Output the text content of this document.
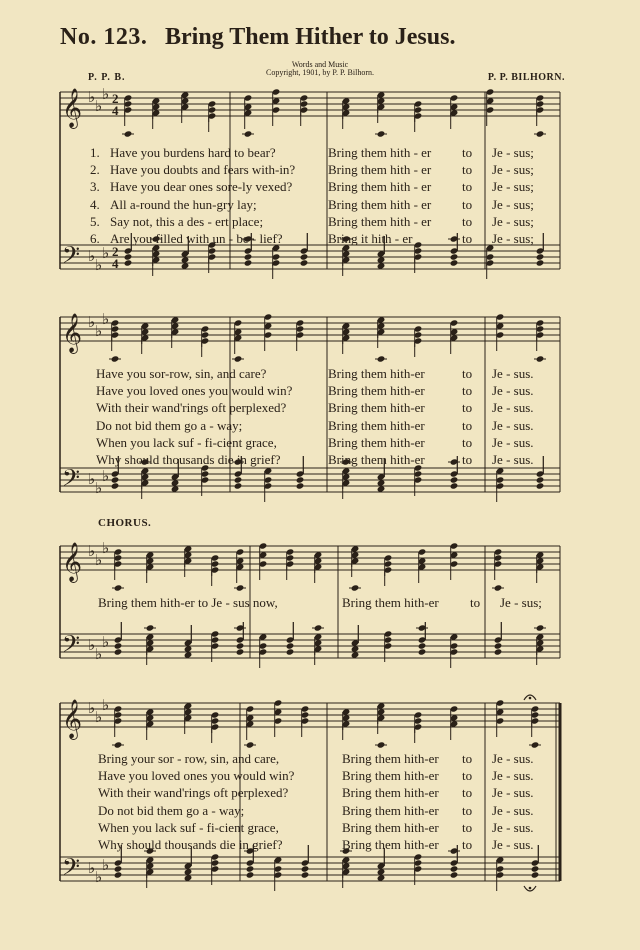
No. 123. Bring Them Hither to Jesus.
Words and Music
Copyright, 1901, by P. P. Bilhorn.
P. P. B.	P. P. BILHORN.
CHORUS.
𝄞
𝄢
♭ ♭
♭
♭ ♭
♭
2
4
2
4
𝄞
𝄢
♭ ♭
♭
♭ ♭
♭
𝄞
𝄢
♭ ♭
♭
♭ ♭
♭
𝄞
𝄢
♭ ♭
♭
♭ ♭
♭
1. Have you burdens hard to bear?	Bring them hith - er to Je - sus;
2. Have you doubts and fears with-in?	Bring them hith - er to Je - sus;
3. Have you dear ones sore-ly vexed?	Bring them hith - er to Je - sus;
4. All a-round the hun-gry lay;	Bring them hith - er to Je - sus;
5. Say not, this a des - ert place;	Bring them hith - er to Je - sus;
6. Are you filled with un - be - lief?	Bring it hith - er	to Je - sus;
Have you sor-row, sin, and care?	Bring them hith-er	to Je - sus.
Have you loved ones you would win?	Bring them hith-er	to Je - sus.
With their wand'rings oft perplexed?	Bring them hith-er	to Je - sus.
Do not bid them go a - way;	Bring them hith-er	to Je - sus.
When you lack suf - fi-cient grace,	Bring them hith-er	to Je - sus.
Why should thousands die in grief?	Bring them hith-er	to Je - sus.
Bring them hith-er to Je - sus now,	Bring them hith-er to Je - sus;
Bring your sor - row, sin, and care,	Bring them hith-er to Je - sus.
Have you loved ones you would win?	Bring them hith-er to Je - sus.
With their wand'rings oft perplexed?	Bring them hith-er to Je - sus.
Do not bid them go a - way;	Bring them hith-er to Je - sus.
When you lack suf - fi-cient grace,	Bring them hith-er to Je - sus.
Why should thousands die in grief?	Bring them hith-er to Je - sus.
